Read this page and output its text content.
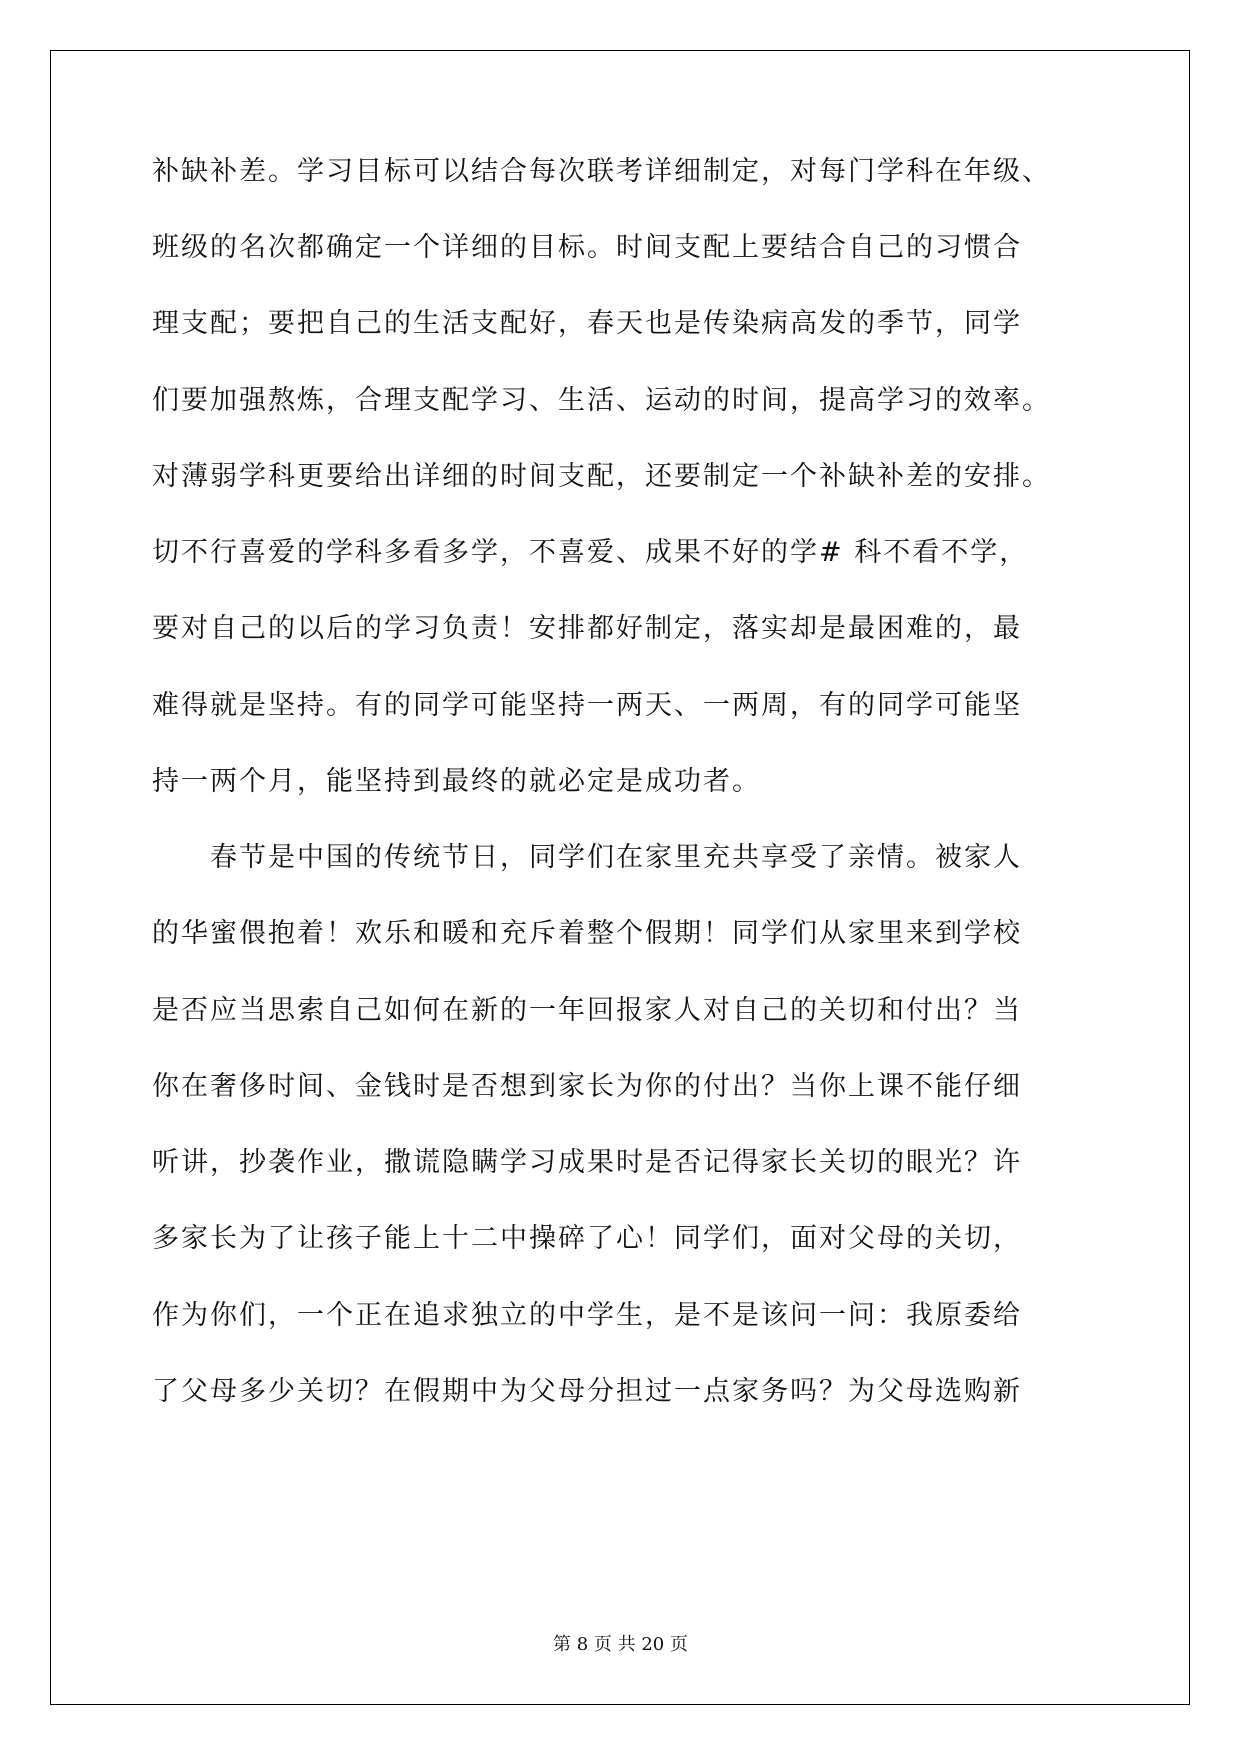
补缺补差。学习目标可以结合每次联考详细制定，对每门学科在年级、
班级的名次都确定一个详细的目标。时间支配上要结合自己的习惯合
理支配；要把自己的生活支配好，春天也是传染病高发的季节，同学
们要加强熬炼，合理支配学习、生活、运动的时间，提高学习的效率。
对薄弱学科更要给出详细的时间支配，还要制定一个补缺补差的安排。
切不行喜爱的学科多看多学，不喜爱、成果不好的学# 科不看不学，
要对自己的以后的学习负责！安排都好制定，落实却是最困难的，最
难得就是坚持。有的同学可能坚持一两天、一两周，有的同学可能坚
持一两个月，能坚持到最终的就必定是成功者。
春节是中国的传统节日，同学们在家里充共享受了亲情。被家人
的华蜜偎抱着！欢乐和暖和充斥着整个假期！同学们从家里来到学校
是否应当思索自己如何在新的一年回报家人对自己的关切和付出？当
你在奢侈时间、金钱时是否想到家长为你的付出？当你上课不能仔细
听讲，抄袭作业，撒谎隐瞒学习成果时是否记得家长关切的眼光？许
多家长为了让孩子能上十二中操碎了心！同学们，面对父母的关切，
作为你们，一个正在追求独立的中学生，是不是该问一问：我原委给
了父母多少关切？在假期中为父母分担过一点家务吗？为父母选购新
第 8 页 共 20 页
